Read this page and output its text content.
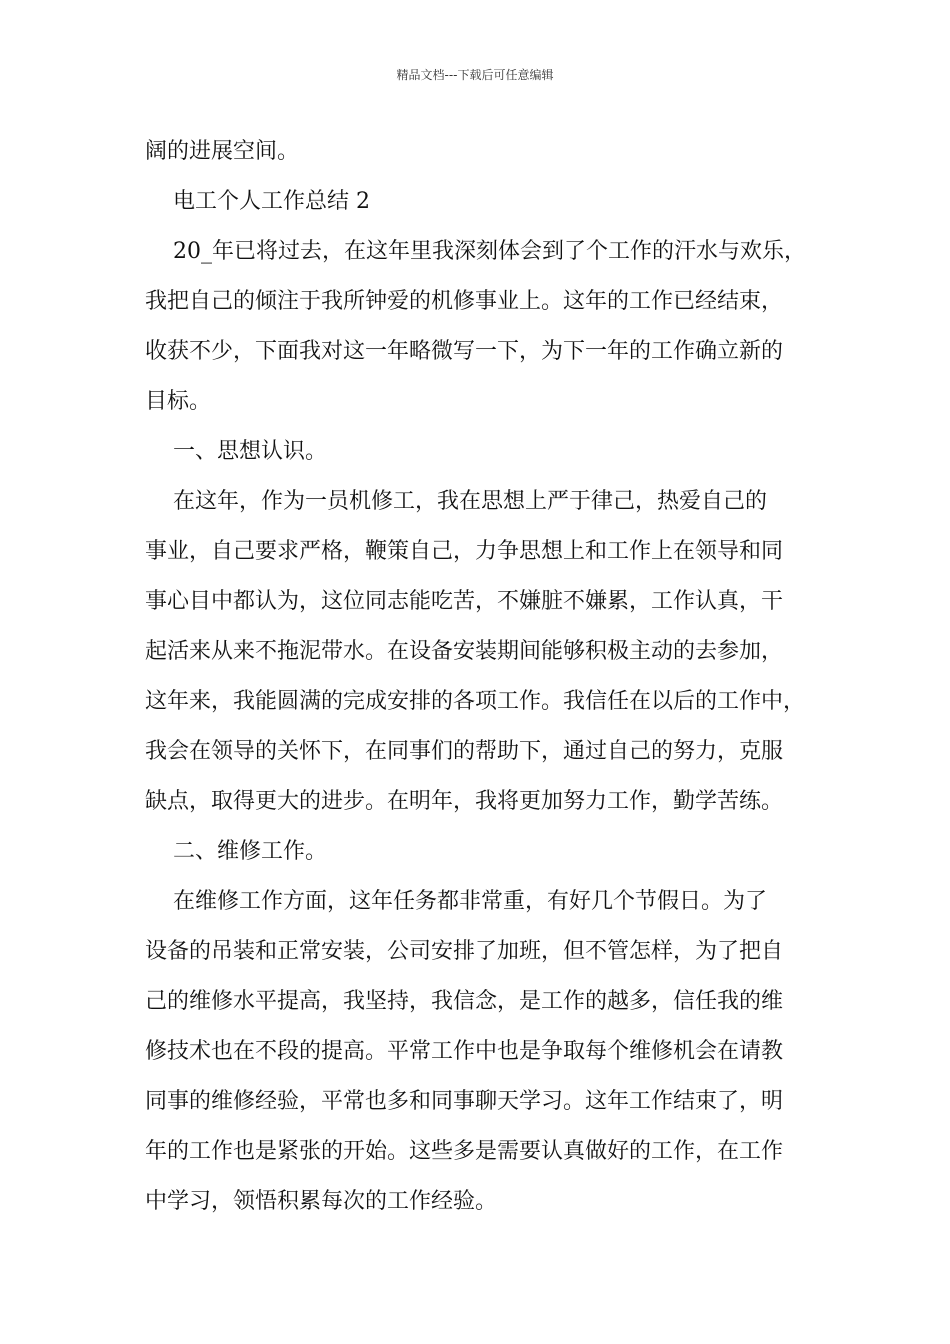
精品文档---下载后可任意编辑

阔的进展空间。

电工个人工作总结 2

20_年已将过去，在这年里我深刻体会到了个工作的汗水与欢乐，

我把自己的倾注于我所钟爱的机修事业上。这年的工作已经结束，

收获不少，下面我对这一年略微写一下，为下一年的工作确立新的

目标。

一、思想认识。

在这年，作为一员机修工，我在思想上严于律己，热爱自己的

事业，自己要求严格，鞭策自己，力争思想上和工作上在领导和同

事心目中都认为，这位同志能吃苦，不嫌脏不嫌累，工作认真，干

起活来从来不拖泥带水。在设备安装期间能够积极主动的去参加，

这年来，我能圆满的完成安排的各项工作。我信任在以后的工作中，

我会在领导的关怀下，在同事们的帮助下，通过自己的努力，克服

缺点，取得更大的进步。在明年，我将更加努力工作，勤学苦练。

二、维修工作。

在维修工作方面，这年任务都非常重，有好几个节假日。为了

设备的吊装和正常安装，公司安排了加班，但不管怎样，为了把自

己的维修水平提高，我坚持，我信念，是工作的越多，信任我的维

修技术也在不段的提高。平常工作中也是争取每个维修机会在请教

同事的维修经验，平常也多和同事聊天学习。这年工作结束了，明

年的工作也是紧张的开始。这些多是需要认真做好的工作，在工作

中学习，领悟积累每次的工作经验。
